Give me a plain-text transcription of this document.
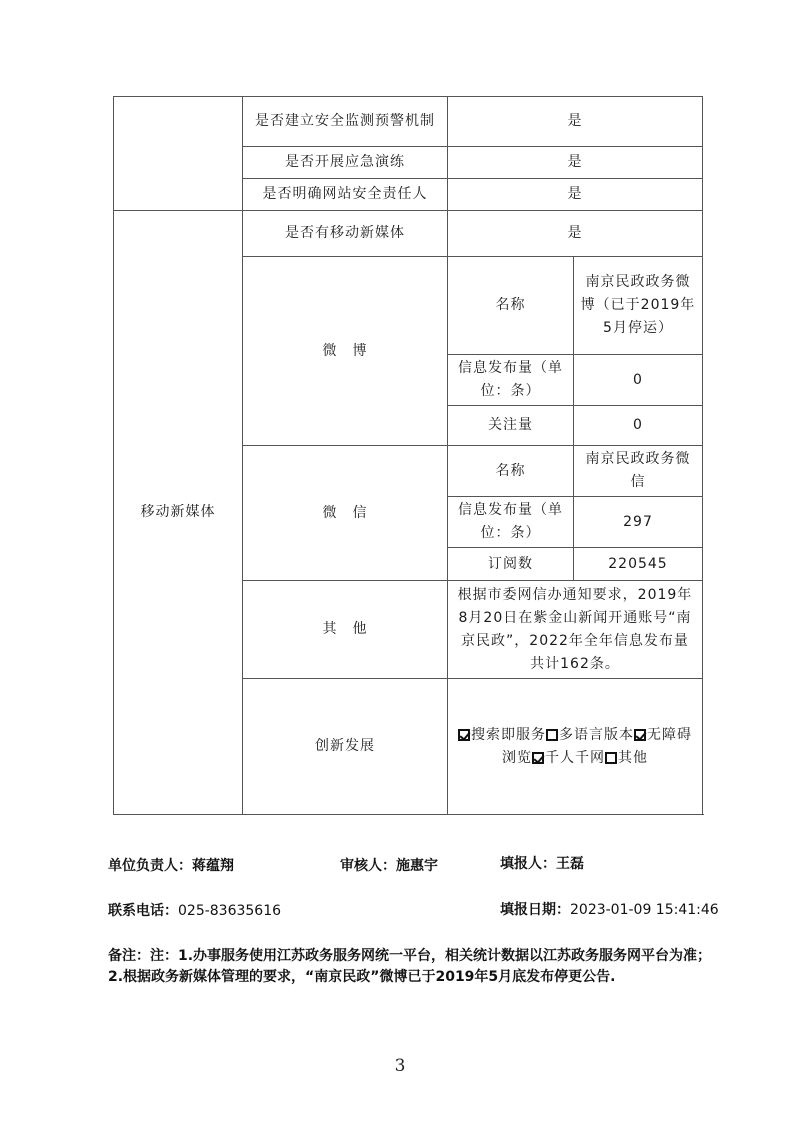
	是否建立安全监测预警机制	是	
	是否开展应急演练	是	
	是否明确网站安全责任人	是	
移动新媒体	是否有移动新媒体	是	
	微　博	名称	南京民政政务微博（已于2019年5月停运）
		信息发布量（单位：条）	0
		关注量	0
	微　信	名称	南京民政政务微信
		信息发布量（单位：条）	297
		订阅数	220545
	其　他	根据市委网信办通知要求，2019年8月20日在紫金山新闻开通账号“南京民政”，2022年全年信息发布量共计162条。	
	创新发展	搜索即服务 多语言版本 无障碍浏览 千人千网 其他	
单位负责人：蒋蕴翔	审核人：施惠宇	填报人：王磊
联系电话：025-83635616	填报日期：2023-01-09 15:41:46
备注：注：1.办事服务使用江苏政务服务网统一平台，相关统计数据以江苏政务服务网平台为准；　2.根据政务新媒体管理的要求，“南京民政”微博已于2019年5月底发布停更公告.
3
